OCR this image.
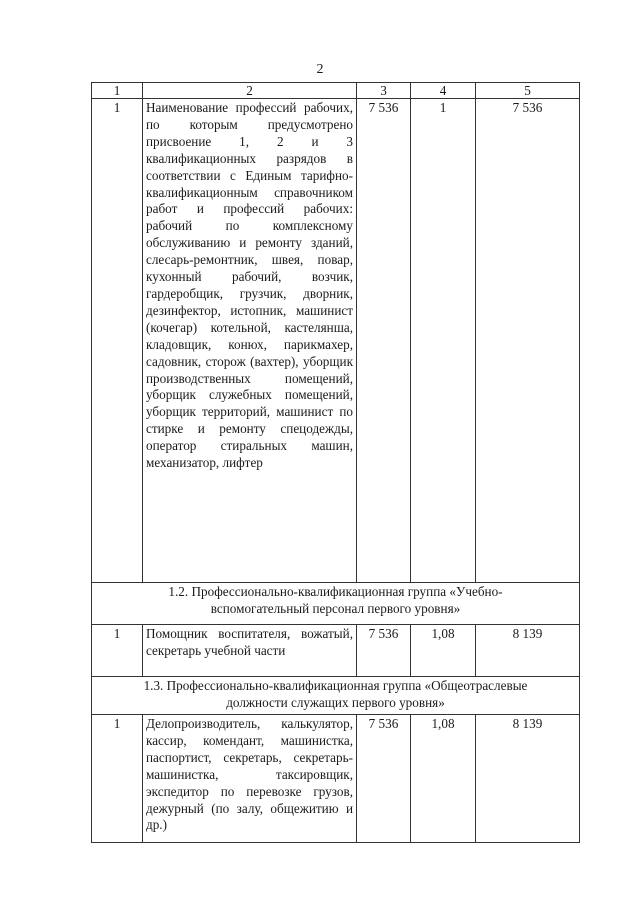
2
1	2	3	4	5
1	Наименование профессий рабочих, по которым предусмотрено присвоение 1, 2 и 3 квалификационных разрядов в соответствии с Единым тарифно-квалификационным справочником работ и профессий рабочих: рабочий по комплексному обслуживанию и ремонту зданий, слесарь-ремонтник, швея, повар, кухонный рабочий, возчик, гардеробщик, грузчик, дворник, дезинфектор, истопник, машинист (кочегар) котельной, кастелянша, кладовщик, конюх, парикмахер, садовник, сторож (вахтер), уборщик производственных помещений, уборщик служебных помещений, уборщик территорий, машинист по стирке и ремонту спецодежды, оператор стиральных машин, механизатор, лифтер	7 536	1	7 536

1.2. Профессионально-квалификационная группа «Учебно-
вспомогательный персонал первого уровня»				

1	Помощник воспитателя, вожатый, секретарь учебной части	7 536	1,08	8 139

1.3. Профессионально-квалификационная группа «Общеотраслевые
должности служащих первого уровня»				

1	Делопроизводитель, калькулятор, кассир, комендант, машинистка, паспортист, секретарь, секретарь-машинистка, таксировщик, экспедитор по перевозке грузов, дежурный (по залу, общежитию и др.)	7 536	1,08	8 139
